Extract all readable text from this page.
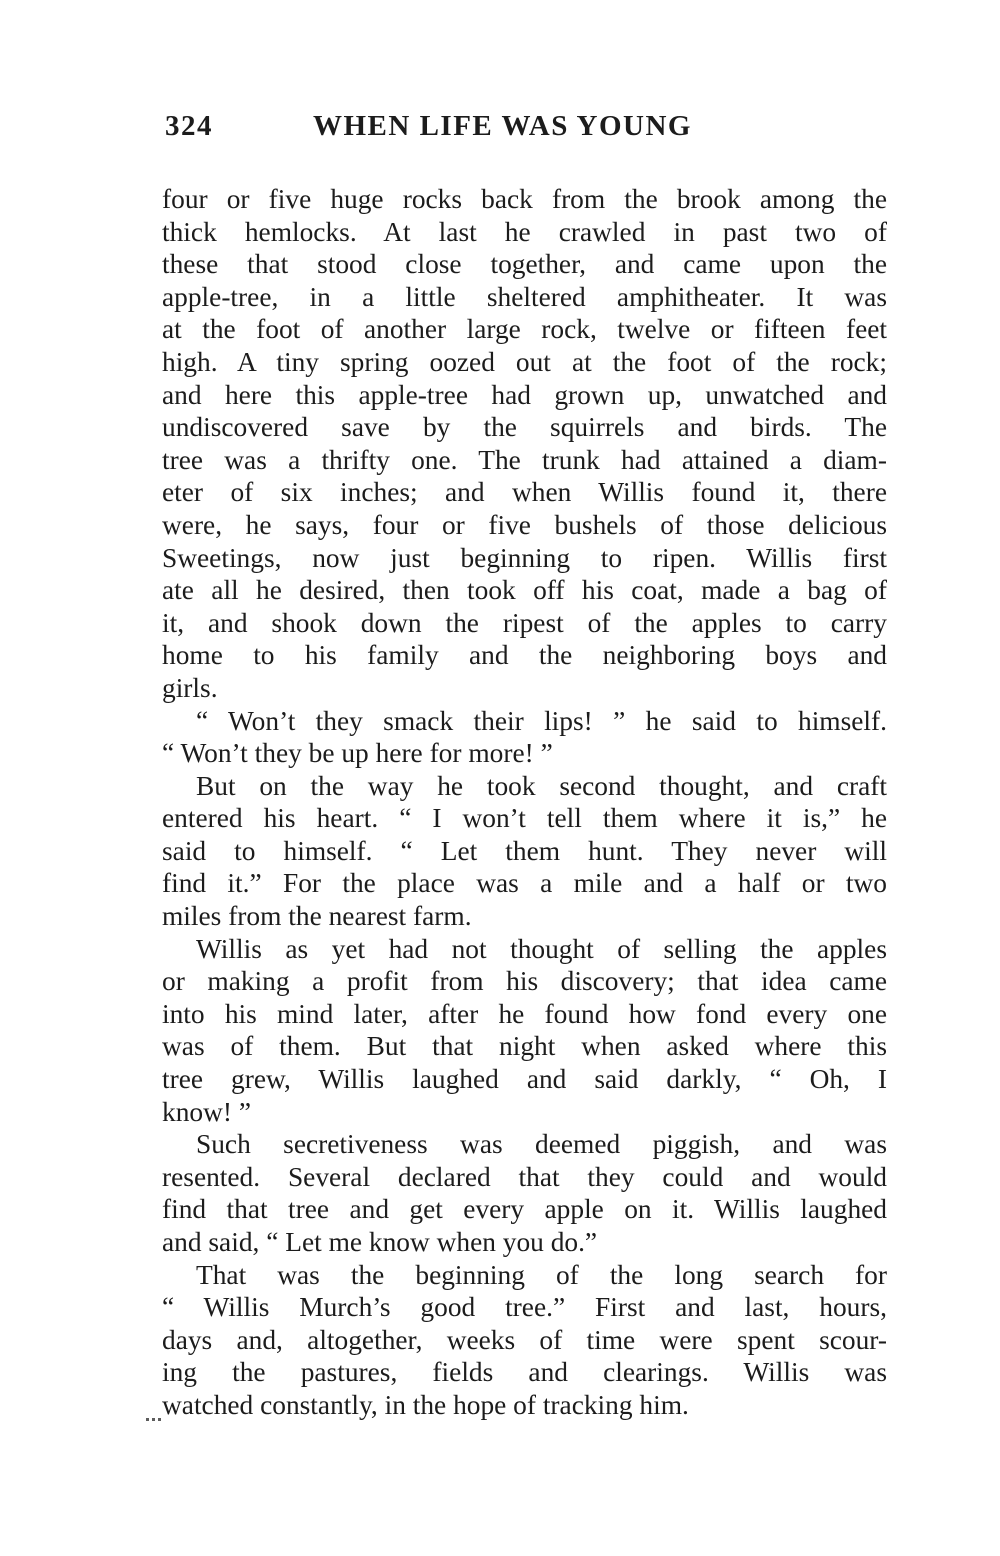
324	WHEN LIFE WAS YOUNG
four or five huge rocks back from the brook among the
thick hemlocks. At last he crawled in past two of
these that stood close together, and came upon the
apple-tree, in a little sheltered amphitheater. It was
at the foot of another large rock, twelve or fifteen feet
high. A tiny spring oozed out at the foot of the rock;
and here this apple-tree had grown up, unwatched and
undiscovered save by the squirrels and birds. The
tree was a thrifty one. The trunk had attained a diam-
eter of six inches; and when Willis found it, there
were, he says, four or five bushels of those delicious
Sweetings, now just beginning to ripen. Willis first
ate all he desired, then took off his coat, made a bag of
it, and shook down the ripest of the apples to carry
home to his family and the neighboring boys and
girls.
“ Won’t they smack their lips! ” he said to himself.
“ Won’t they be up here for more! ”
But on the way he took second thought, and craft
entered his heart. “ I won’t tell them where it is,” he
said to himself. “ Let them hunt. They never will
find it.” For the place was a mile and a half or two
miles from the nearest farm.
Willis as yet had not thought of selling the apples
or making a profit from his discovery; that idea came
into his mind later, after he found how fond every one
was of them. But that night when asked where this
tree grew, Willis laughed and said darkly, “ Oh, I
know! ”
Such secretiveness was deemed piggish, and was
resented. Several declared that they could and would
find that tree and get every apple on it. Willis laughed
and said, “ Let me know when you do.”
That was the beginning of the long search for
“ Willis Murch’s good tree.” First and last, hours,
days and, altogether, weeks of time were spent scour-
ing the pastures, fields and clearings. Willis was
watched constantly, in the hope of tracking him.
